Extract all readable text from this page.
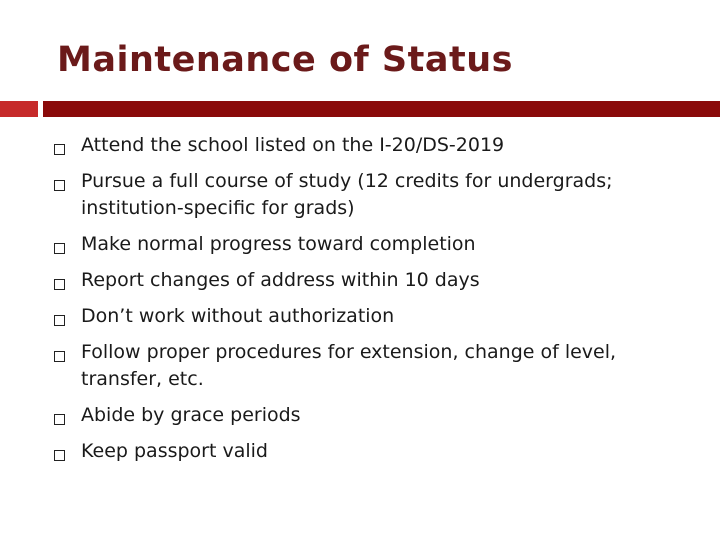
Maintenance of Status
Attend the school listed on the I-20/DS-2019
Pursue a full course of study (12 credits for undergrads; institution-specific for grads)
Make normal progress toward completion
Report changes of address within 10 days
Don’t work without authorization
Follow proper procedures for extension, change of level, transfer, etc.
Abide by grace periods
Keep passport valid
